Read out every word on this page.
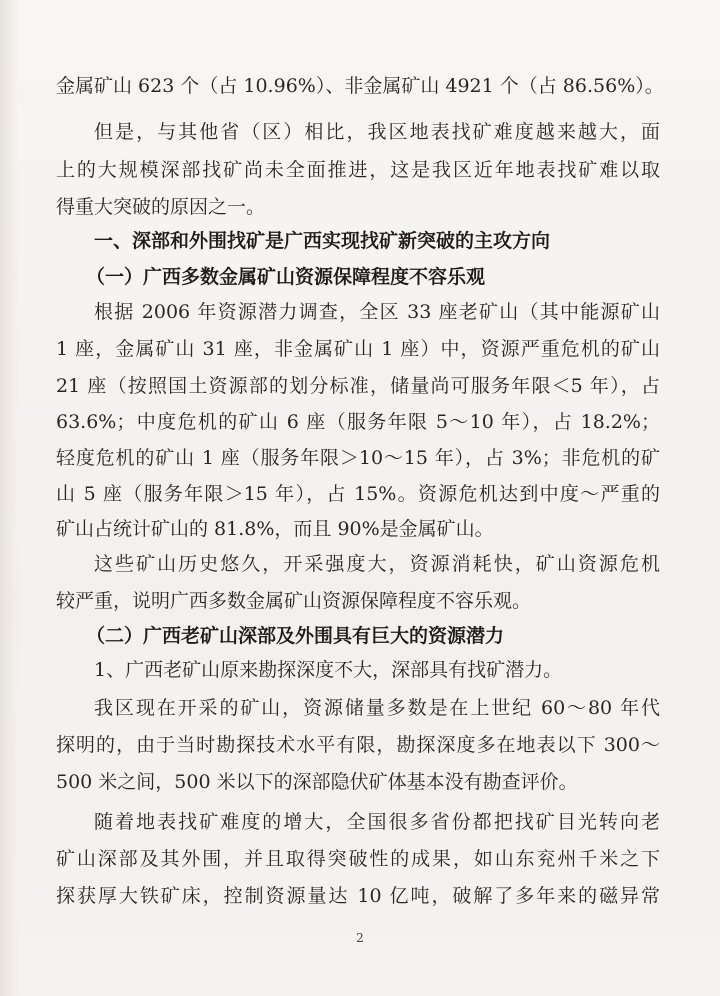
金属矿山 623 个（占 10.96%）、非金属矿山 4921 个（占 86.56%）。
但是，与其他省（区）相比，我区地表找矿难度越来越大，面
上的大规模深部找矿尚未全面推进，这是我区近年地表找矿难以取
得重大突破的原因之一。
一、深部和外围找矿是广西实现找矿新突破的主攻方向
（一）广西多数金属矿山资源保障程度不容乐观
根据 2006 年资源潜力调查，全区 33 座老矿山（其中能源矿山
1 座，金属矿山 31 座，非金属矿山 1 座）中，资源严重危机的矿山
21 座（按照国土资源部的划分标准，储量尚可服务年限＜5 年），占
63.6%；中度危机的矿山 6 座（服务年限 5～10 年），占 18.2%；
轻度危机的矿山 1 座（服务年限＞10～15 年），占 3%；非危机的矿
山 5 座（服务年限＞15 年），占 15%。资源危机达到中度～严重的
矿山占统计矿山的 81.8%，而且 90%是金属矿山。
这些矿山历史悠久，开采强度大，资源消耗快，矿山资源危机
较严重，说明广西多数金属矿山资源保障程度不容乐观。
（二）广西老矿山深部及外围具有巨大的资源潜力
1、广西老矿山原来勘探深度不大，深部具有找矿潜力。
我区现在开采的矿山，资源储量多数是在上世纪 60～80 年代
探明的，由于当时勘探技术水平有限，勘探深度多在地表以下 300～
500 米之间，500 米以下的深部隐伏矿体基本没有勘查评价。
随着地表找矿难度的增大，全国很多省份都把找矿目光转向老
矿山深部及其外围，并且取得突破性的成果，如山东兖州千米之下
探获厚大铁矿床，控制资源量达 10 亿吨，破解了多年来的磁异常
2
